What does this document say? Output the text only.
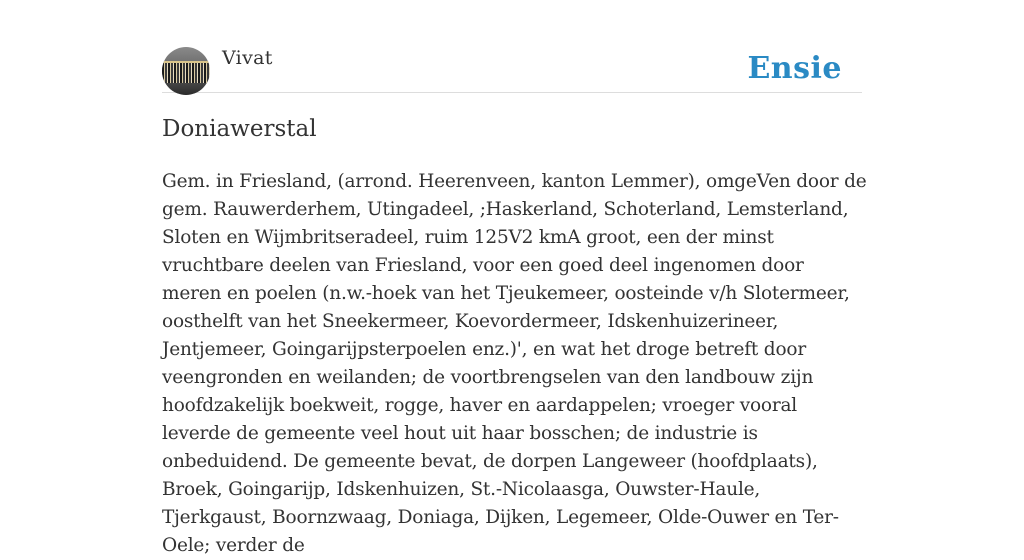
Vivat	Ensie
Doniawerstal

Gem. in Friesland, (arrond. Heerenveen, kanton Lemmer), omgeVen door de gem. Rauwerderhem, Utingadeel, ;Haskerland, Schoterland, Lemsterland, Sloten en Wijmbritseradeel, ruim 125V2 kmA groot, een der minst vruchtbare deelen van Friesland, voor een goed deel ingenomen door meren en poelen (n.w.-hoek van het Tjeukemeer, oosteinde v/h Slotermeer, oosthelft van het Sneekermeer, Koevordermeer, Idskenhuizerineer, Jentjemeer, Goingarijpsterpoelen enz.)', en wat het droge betreft door veengronden en weilanden; de voortbrengselen van den landbouw zijn hoofdzakelijk boekweit, rogge, haver en aardappelen; vroeger vooral leverde de gemeente veel hout uit haar bosschen; de industrie is onbeduidend. De gemeente bevat, de dorpen Langeweer (hoofdplaats), Broek, Goingarijp, Idskenhuizen, St.-Nicolaasga, Ouwster-Haule, Tjerkgaust, Boornzwaag, Doniaga, Dijken, Legemeer, Olde-Ouwer en Ter-Oele; verder de
